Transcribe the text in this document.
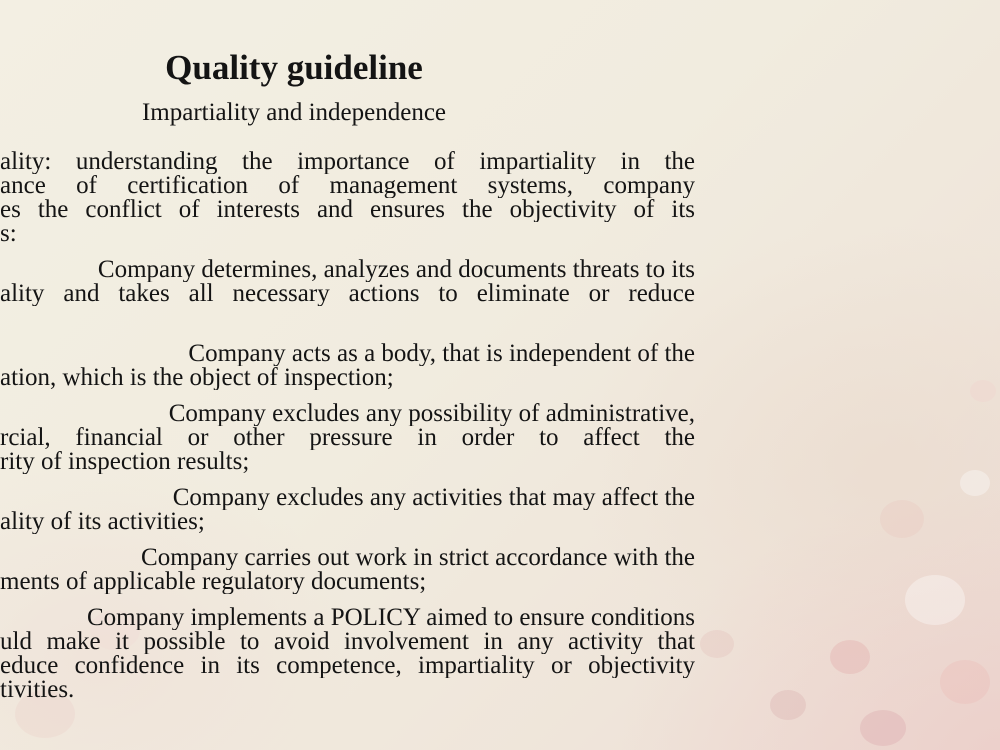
Quality guideline
Impartiality and independence
ality: understanding the importance of impartiality in the
ance of certification of management systems, company
es the conflict of interests and ensures the objectivity of its
s:
Company determines, analyzes and documents threats to its
ality and takes all necessary actions to eliminate or reduce
Company acts as a body, that is independent of the
ation, which is the object of inspection;
Company excludes any possibility of administrative,
rcial, financial or other pressure in order to affect the
rity of inspection results;
Company excludes any activities that may affect the
ality of its activities;
Company carries out work in strict accordance with the
ments of applicable regulatory documents;
Company implements a POLICY aimed to ensure conditions
uld make it possible to avoid involvement in any activity that
educe confidence in its competence, impartiality or objectivity
tivities.
